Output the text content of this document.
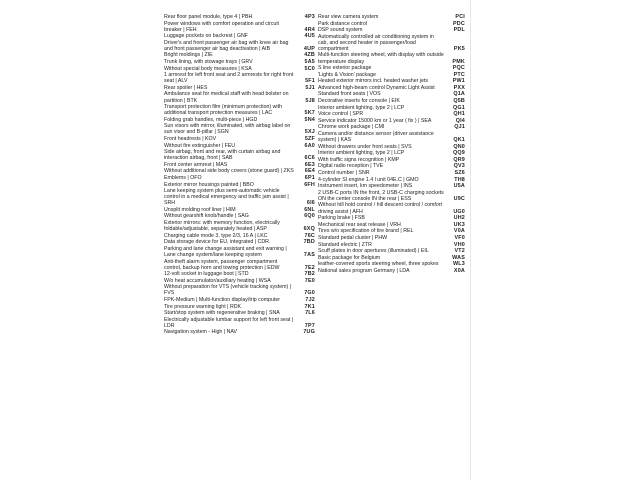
Rear floor panel module, type 4 | PBH	4P3
Power windows with comfort operation and circuit breaker | FEH	4R4
Luggage pockets on backrest | GNF	4U5
Driver's and front passenger air bag with knee air bag and front passenger air bag deactivation | AIB	4UP
Bright moldings | ZIE	4ZB
Trunk lining, with stowage trays | GRV	5A5
Without special body measures | KSA	5C0
1 armrest for left front seat and 2 armrests for right front seat | ALV	5F1
Rear spoiler | HES	5J1
Ambulance seat for medical staff with head bolster on partition | BTK	5J8
Transport protection film (minimum protection) with additional transport protection measures | LAC	5K7
Folding grab handles, multi-piece | HGD	5N4
Sun visors with mirror, illuminated, with airbag label on sun visor and B-pillar | SGN	5XJ
Front headrests | KOV	5ZF
Without fire extinguisher | FEU	6A0
Side airbag, front and rear, with curtain airbag and interaction airbag, front | SAB	6C6
Front center armrest | MAS	6E3
Without additional side body covers (stone guard) | ZKS 6E4
Emblems | OFO	6P1
Exterior mirror housings painted | BBO	6FH
Lane keeping system plus semi-automatic vehicle control in a medical emergency and traffic jam assist | SRH	6I6
Unsplit molding roof liner | HIM	6NL
Without gearshift knob/handle | SAG	6Q0
Exterior mirrors: with memory function, electrically foldable/adjustable, separately heated | ASP	6XQ
Charging cable mode 3, type 2/3, 16 A | LKC	76C
Data storage device for EU, integrated | CDR	7BD
Parking and lane change assistant and exit warning | Lane change system/lane keeping system	7AS
Anti-theft alarm system, passenger compartment control, backup horn and towing protection | EDW	7E2
12-volt socket in luggage boot | STD	7B2
W/o heat accumulator/auxiliary heating | WSA	7E0
Without preparation for VTS (vehicle tracking system) | FVS	7G0
FPK-Medium | Multi-function display/trip computer	7J2
Tire pressure warning light | RDK	7K1
Start/stop system with regenerative braking | SNA	7L6
Electrically adjustable lumbar support for left front seat | LDR	7P7
Navigation system - High | NAV	7UG
Rear view camera system	PCI
Park distance control	PDC
DSP sound system	PDL
Automatically controlled air conditioning system in cab, and second heater in passenger/load compartment	PK5
Multi-function steering wheel, with display with outside temperature display	PMK
S line exterior package	PQC
'Lights & Vision' package	PTC
Heated exterior mirrors incl. heated washer jets	PW1
Advanced high-beam control Dynamic Light Assist	PXX
Standard front seats | VOS	Q1A
Decorative inserts for console | EIK	Q5B
Interior ambient lighting, type 2 | LCP	QG1
Voice control | SPR	QH1
Service indicator 15000 km or 1 year ( fix ) | SEA	QI4
Chrome work package | CMI	QJ1
Camera and/or distance sensor (driver assistance system) | KAS	QK1
Without drawers under front seats | SVS	QN0
Interior ambient lighting, type 2 | LCP	QQ9
With traffic signs recognition | KMP	QR9
Digital radio reception | TVE	QV3
Control number | SNR	SZ6
4-cylinder SI engine 1.4 l unit 04E.C | GMO	TH8
Instrument insert, km speedometer | INS	U5A
2 USB-C ports IN the front, 2 USB-C charging sockets ON the center console IN the rear | ESS	U9C
Without hill hold control / hill descent control / comfort driving assist | AFH	UG0
Parking brake | FSB	UH2
Mechanical rear seat release | VRH	UK3
Tires w/o specification of tire brand | REL	V0A
Standard pedal cluster | PHW	VF0
Standard electric | ZTR	VH0
Scuff plates in door apertures (illuminated) | EIL	VT2
Basic package for Belgium	WAS
leather-covered sports steering wheel, three spokes	WL3
National sales program Germany | LDA	X0A
